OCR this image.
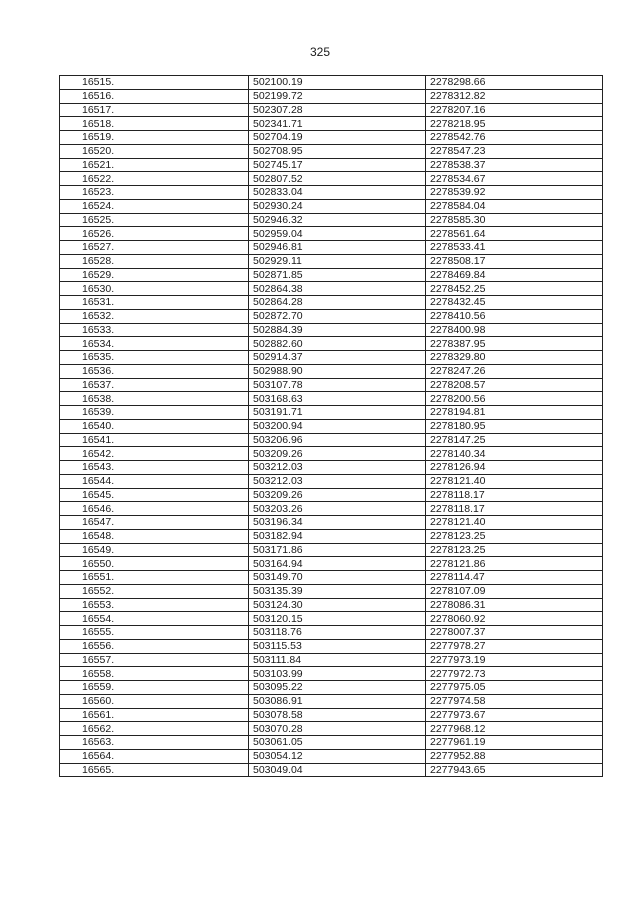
325
16515.	502100.19	2278298.66
16516.	502199.72	2278312.82
16517.	502307.28	2278207.16
16518.	502341.71	2278218.95
16519.	502704.19	2278542.76
16520.	502708.95	2278547.23
16521.	502745.17	2278538.37
16522.	502807.52	2278534.67
16523.	502833.04	2278539.92
16524.	502930.24	2278584.04
16525.	502946.32	2278585.30
16526.	502959.04	2278561.64
16527.	502946.81	2278533.41
16528.	502929.11	2278508.17
16529.	502871.85	2278469.84
16530.	502864.38	2278452.25
16531.	502864.28	2278432.45
16532.	502872.70	2278410.56
16533.	502884.39	2278400.98
16534.	502882.60	2278387.95
16535.	502914.37	2278329.80
16536.	502988.90	2278247.26
16537.	503107.78	2278208.57
16538.	503168.63	2278200.56
16539.	503191.71	2278194.81
16540.	503200.94	2278180.95
16541.	503206.96	2278147.25
16542.	503209.26	2278140.34
16543.	503212.03	2278126.94
16544.	503212.03	2278121.40
16545.	503209.26	2278118.17
16546.	503203.26	2278118.17
16547.	503196.34	2278121.40
16548.	503182.94	2278123.25
16549.	503171.86	2278123.25
16550.	503164.94	2278121.86
16551.	503149.70	2278114.47
16552.	503135.39	2278107.09
16553.	503124.30	2278086.31
16554.	503120.15	2278060.92
16555.	503118.76	2278007.37
16556.	503115.53	2277978.27
16557.	503111.84	2277973.19
16558.	503103.99	2277972.73
16559.	503095.22	2277975.05
16560.	503086.91	2277974.58
16561.	503078.58	2277973.67
16562.	503070.28	2277968.12
16563.	503061.05	2277961.19
16564.	503054.12	2277952.88
16565.	503049.04	2277943.65
